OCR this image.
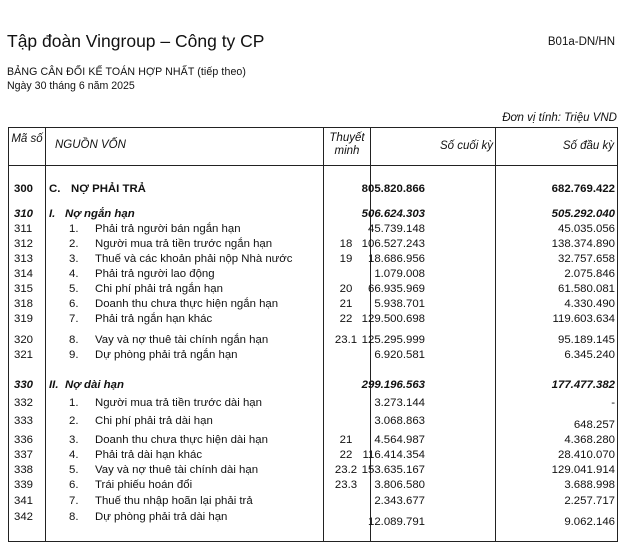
Tập đoàn Vingroup – Công ty CP	B01a-DN/HN
BẢNG CÂN ĐỐI KẾ TOÁN HỢP NHẤT (tiếp theo)
Ngày 30 tháng 6 năm 2025
Đơn vị tính: Triệu VND
Mã số NGUỒN VỐN
Thuyết minh	Số cuối kỳ	Số đầu kỳ
300 C. NỢ PHẢI TRẢ	805.820.866	682.769.422
310 I. Nợ ngắn hạn	506.624.303	505.292.040
311	1. Phải trả người bán ngắn hạn	45.739.148	45.035.056
312	2. Người mua trả tiền trước ngắn hạn	18 106.527.243	138.374.890
313	3. Thuế và các khoản phải nộp Nhà nước	19	18.686.956	32.757.658
314	4. Phải trả người lao động	1.079.008	2.075.846
315	5. Chi phí phải trả ngắn hạn	20	66.935.969	61.580.081
318	6. Doanh thu chưa thực hiện ngắn hạn	21	5.938.701	4.330.490
319	7. Phải trả ngắn hạn khác	22 129.500.698	119.603.634
320	8. Vay và nợ thuê tài chính ngắn hạn	23.1 125.295.999	95.189.145
321	9. Dự phòng phải trả ngắn hạn	6.920.581	6.345.240
330 II. Nợ dài hạn	299.196.563	177.477.382
332	1. Người mua trả tiền trước dài hạn	3.273.144	-
333	2. Chi phí phải trả dài hạn	3.068.863	648.257
336	3. Doanh thu chưa thực hiện dài hạn	21	4.564.987	4.368.280
337	4. Phải trả dài hạn khác	22 116.414.354	28.410.070
338	5. Vay và nợ thuê tài chính dài hạn	23.2 153.635.167	129.041.914
339	6. Trái phiếu hoán đổi	23.3	3.806.580	3.688.998
341	7. Thuế thu nhập hoãn lại phải trả	2.343.677	2.257.717
342	8. Dự phòng phải trả dài hạn	12.089.791	9.062.146
